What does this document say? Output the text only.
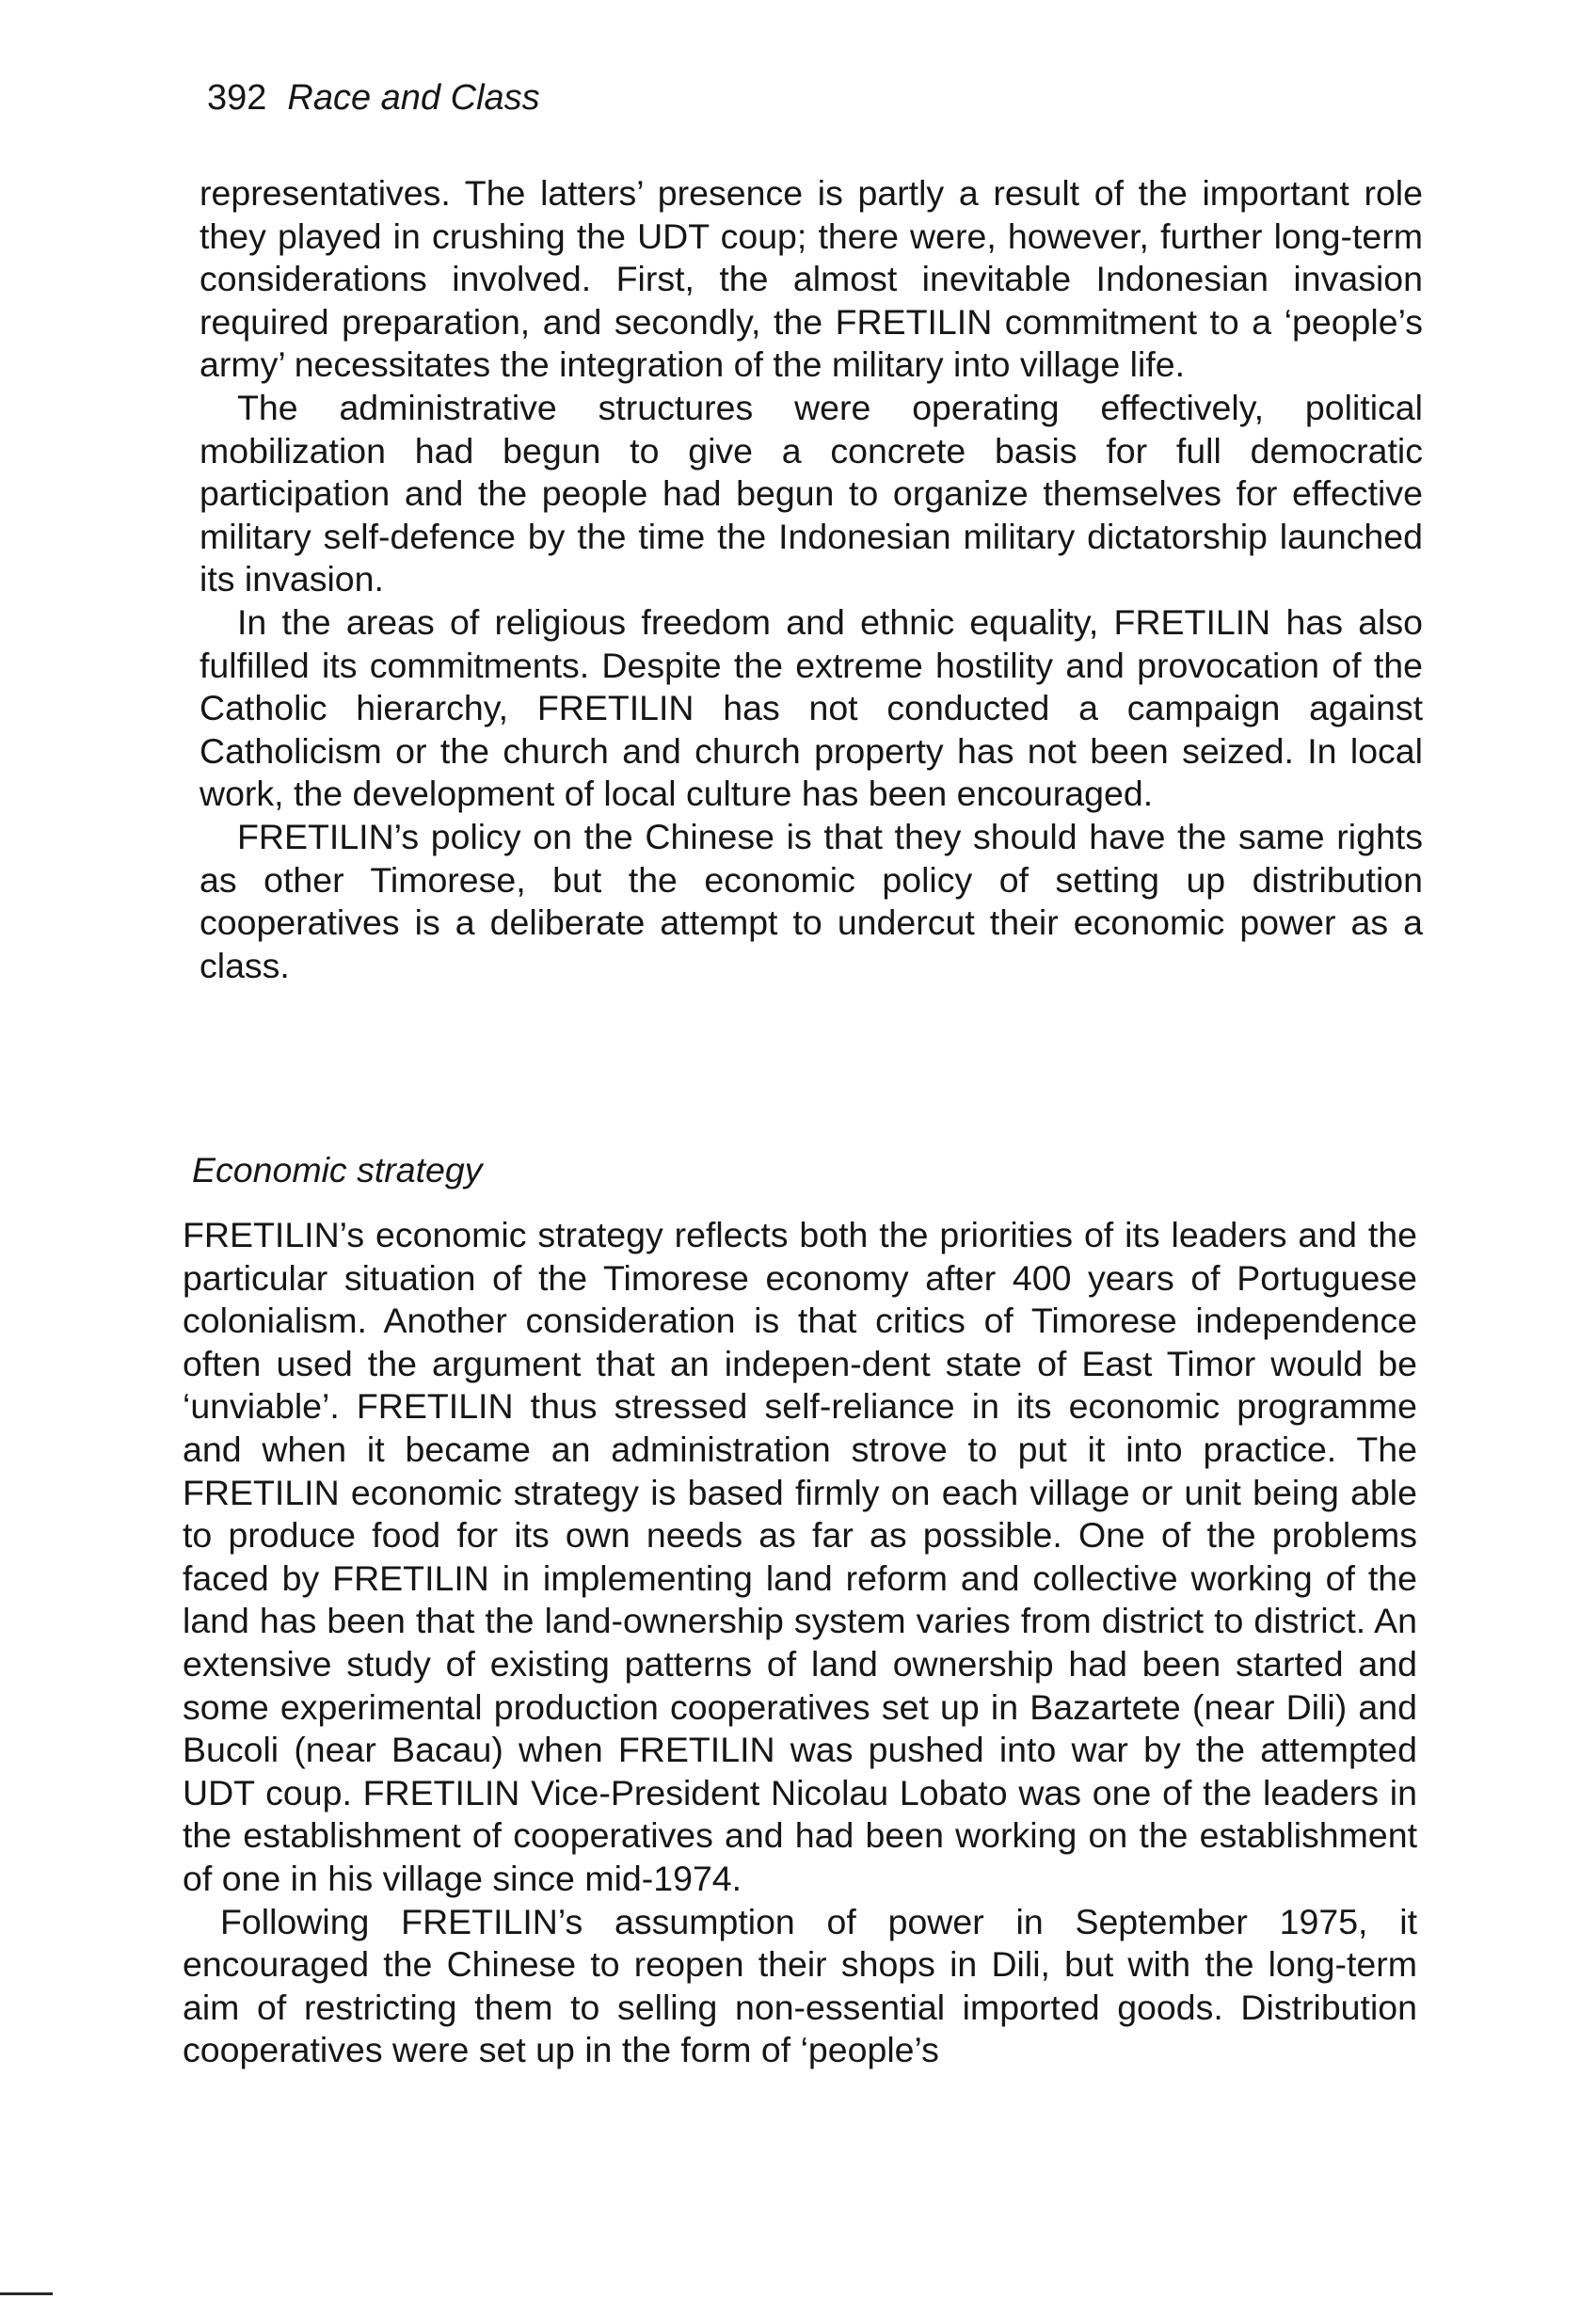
392 Race and Class

representatives. The latters’ presence is partly a result of the important role they played in crushing the UDT coup; there were, however, further long-term considerations involved. First, the almost inevitable Indonesian invasion required preparation, and secondly, the FRETILIN commitment to a ‘people’s army’ necessitates the integration of the military into village life.

The administrative structures were operating effectively, political mobilization had begun to give a concrete basis for full democratic participation and the people had begun to organize themselves for effective military self-defence by the time the Indonesian military dictatorship launched its invasion.

In the areas of religious freedom and ethnic equality, FRETILIN has also fulfilled its commitments. Despite the extreme hostility and provocation of the Catholic hierarchy, FRETILIN has not conducted a campaign against Catholicism or the church and church property has not been seized. In local work, the development of local culture has been encouraged.

FRETILIN’s policy on the Chinese is that they should have the same rights as other Timorese, but the economic policy of setting up distribution cooperatives is a deliberate attempt to undercut their economic power as a class.

Economic strategy

FRETILIN’s economic strategy reflects both the priorities of its leaders and the particular situation of the Timorese economy after 400 years of Portuguese colonialism. Another consideration is that critics of Timorese independence often used the argument that an indepen-dent state of East Timor would be ‘unviable’. FRETILIN thus stressed self-reliance in its economic programme and when it became an administration strove to put it into practice. The FRETILIN economic strategy is based firmly on each village or unit being able to produce food for its own needs as far as possible. One of the problems faced by FRETILIN in implementing land reform and collective working of the land has been that the land-ownership system varies from district to district. An extensive study of existing patterns of land ownership had been started and some experimental production cooperatives set up in Bazartete (near Dili) and Bucoli (near Bacau) when FRETILIN was pushed into war by the attempted UDT coup. FRETILIN Vice-President Nicolau Lobato was one of the leaders in the establishment of cooperatives and had been working on the establishment of one in his village since mid-1974.

Following FRETILIN’s assumption of power in September 1975, it encouraged the Chinese to reopen their shops in Dili, but with the long-term aim of restricting them to selling non-essential imported goods. Distribution cooperatives were set up in the form of ‘people’s
